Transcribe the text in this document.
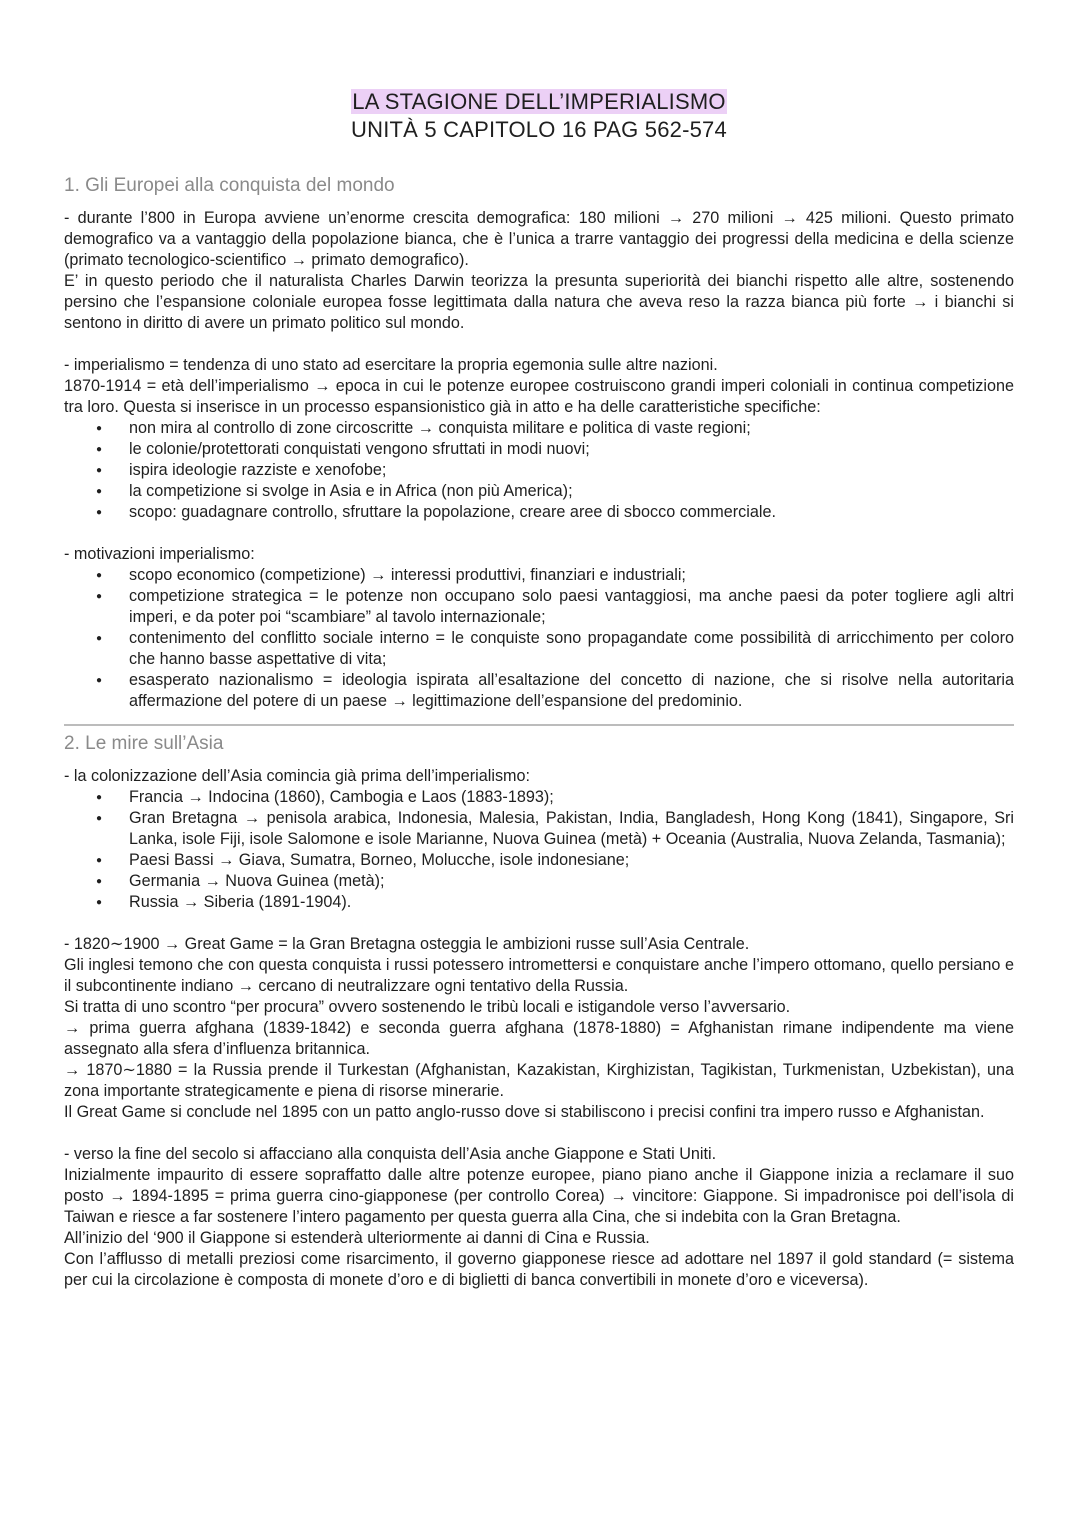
LA STAGIONE DELL’IMPERIALISMO
UNITÀ 5 CAPITOLO 16 PAG 562-574
1. Gli Europei alla conquista del mondo

- durante l’800 in Europa avviene un’enorme crescita demografica: 180 milioni → 270 milioni → 425 milioni. Questo primato demografico va a vantaggio della popolazione bianca, che è l’unica a trarre vantaggio dei progressi della medicina e della scienze (primato tecnologico-scientifico → primato demografico).

E’ in questo periodo che il naturalista Charles Darwin teorizza la presunta superiorità dei bianchi rispetto alle altre, sostenendo persino che l’espansione coloniale europea fosse legittimata dalla natura che aveva reso la razza bianca più forte → i bianchi si sentono in diritto di avere un primato politico sul mondo.

- imperialismo = tendenza di uno stato ad esercitare la propria egemonia sulle altre nazioni.

1870-1914 = età dell’imperialismo → epoca in cui le potenze europee costruiscono grandi imperi coloniali in continua competizione tra loro. Questa si inserisce in un processo espansionistico già in atto e ha delle caratteristiche specifiche:

● non mira al controllo di zone circoscritte → conquista militare e politica di vaste regioni;
● le colonie/protettorati conquistati vengono sfruttati in modi nuovi;
● ispira ideologie razziste e xenofobe;
● la competizione si svolge in Asia e in Africa (non più America);
● scopo: guadagnare controllo, sfruttare la popolazione, creare aree di sbocco commerciale.

- motivazioni imperialismo:

● scopo economico (competizione) → interessi produttivi, finanziari e industriali;
● competizione strategica = le potenze non occupano solo paesi vantaggiosi, ma anche paesi da poter togliere agli altri imperi, e da poter poi “scambiare” al tavolo internazionale;
● contenimento del conflitto sociale interno = le conquiste sono propagandate come possibilità di arricchimento per coloro che hanno basse aspettative di vita;
● esasperato nazionalismo = ideologia ispirata all’esaltazione del concetto di nazione, che si risolve nella autoritaria affermazione del potere di un paese → legittimazione dell’espansione del predominio.
2. Le mire sull’Asia

- la colonizzazione dell’Asia comincia già prima dell’imperialismo:

● Francia → Indocina (1860), Cambogia e Laos (1883-1893);
● Gran Bretagna → penisola arabica, Indonesia, Malesia, Pakistan, India, Bangladesh, Hong Kong (1841), Singapore, Sri Lanka, isole Fiji, isole Salomone e isole Marianne, Nuova Guinea (metà) + Oceania (Australia, Nuova Zelanda, Tasmania);
● Paesi Bassi → Giava, Sumatra, Borneo, Molucche, isole indonesiane;
● Germania → Nuova Guinea (metà);
● Russia → Siberia (1891-1904).

- 1820∼1900 → Great Game = la Gran Bretagna osteggia le ambizioni russe sull’Asia Centrale.

Gli inglesi temono che con questa conquista i russi potessero intromettersi e conquistare anche l’impero ottomano, quello persiano e il subcontinente indiano → cercano di neutralizzare ogni tentativo della Russia.

Si tratta di uno scontro “per procura” ovvero sostenendo le tribù locali e istigandole verso l’avversario.

→ prima guerra afghana (1839-1842) e seconda guerra afghana (1878-1880) = Afghanistan rimane indipendente ma viene assegnato alla sfera d’influenza britannica.

→ 1870∼1880 = la Russia prende il Turkestan (Afghanistan, Kazakistan, Kirghizistan, Tagikistan, Turkmenistan, Uzbekistan), una zona importante strategicamente e piena di risorse minerarie.

Il Great Game si conclude nel 1895 con un patto anglo-russo dove si stabiliscono i precisi confini tra impero russo e Afghanistan.

- verso la fine del secolo si affacciano alla conquista dell’Asia anche Giappone e Stati Uniti.

Inizialmente impaurito di essere sopraffatto dalle altre potenze europee, piano piano anche il Giappone inizia a reclamare il suo posto → 1894-1895 = prima guerra cino-giapponese (per controllo Corea) → vincitore: Giappone. Si impadronisce poi dell’isola di Taiwan e riesce a far sostenere l’intero pagamento per questa guerra alla Cina, che si indebita con la Gran Bretagna.

All’inizio del ‘900 il Giappone si estenderà ulteriormente ai danni di Cina e Russia.

Con l’afflusso di metalli preziosi come risarcimento, il governo giapponese riesce ad adottare nel 1897 il gold standard (= sistema per cui la circolazione è composta di monete d’oro e di biglietti di banca convertibili in monete d’oro e viceversa).
